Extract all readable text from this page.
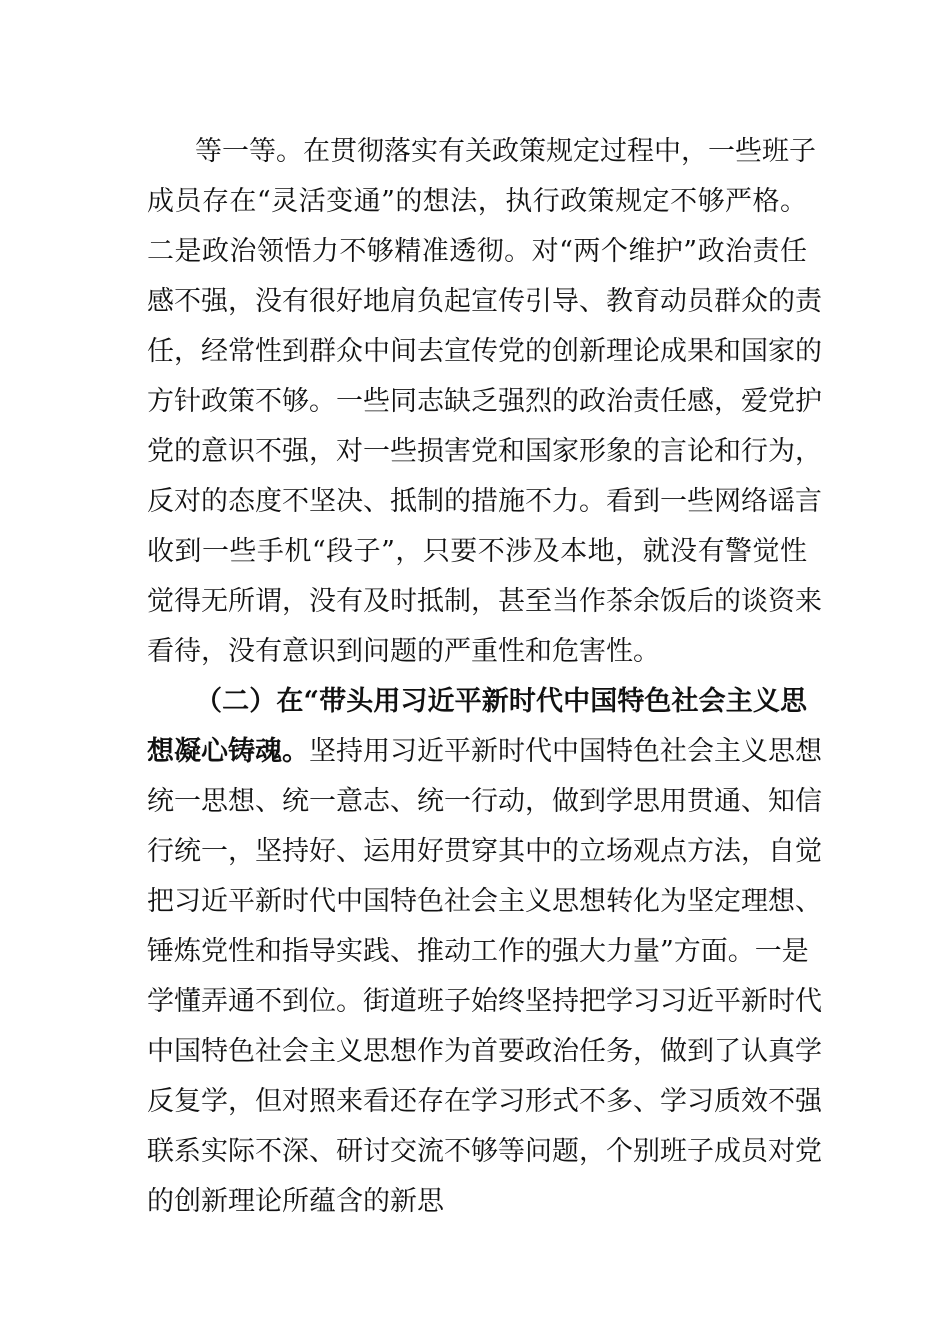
等一等。在贯彻落实有关政策规定过程中，一些班子
成员存在“灵活变通”的想法，执行政策规定不够严格。
二是政治领悟力不够精准透彻。对“两个维护”政治责任
感不强，没有很好地肩负起宣传引导、教育动员群众的责
任，经常性到群众中间去宣传党的创新理论成果和国家的
方针政策不够。一些同志缺乏强烈的政治责任感，爱党护
党的意识不强，对一些损害党和国家形象的言论和行为，
反对的态度不坚决、抵制的措施不力。看到一些网络谣言
收到一些手机“段子”，只要不涉及本地，就没有警觉性
觉得无所谓，没有及时抵制，甚至当作茶余饭后的谈资来
看待，没有意识到问题的严重性和危害性。
（二）在“带头用习近平新时代中国特色社会主义思
想凝心铸魂。坚持用习近平新时代中国特色社会主义思想
统一思想、统一意志、统一行动，做到学思用贯通、知信
行统一，坚持好、运用好贯穿其中的立场观点方法，自觉
把习近平新时代中国特色社会主义思想转化为坚定理想、
锤炼党性和指导实践、推动工作的强大力量”方面。一是
学懂弄通不到位。街道班子始终坚持把学习习近平新时代
中国特色社会主义思想作为首要政治任务，做到了认真学
反复学，但对照来看还存在学习形式不多、学习质效不强
联系实际不深、研讨交流不够等问题，个别班子成员对党
的创新理论所蕴含的新思
